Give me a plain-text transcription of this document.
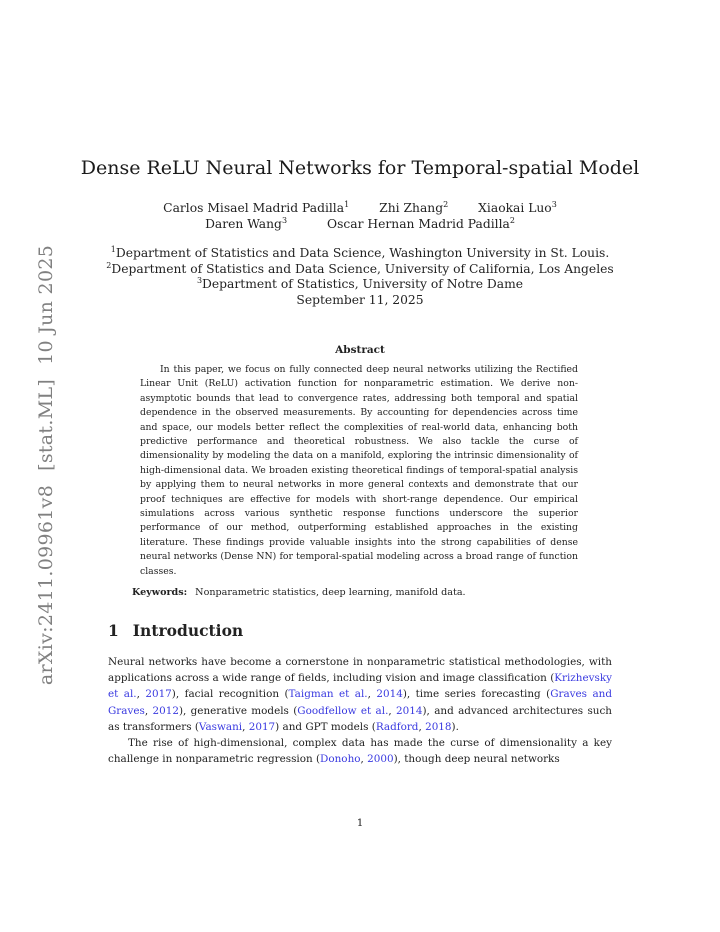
arXiv:2411.09961v8[stat.ML]10 Jun 2025
Dense ReLU Neural Networks for Temporal-spatial Model
Carlos Misael Madrid Padilla$^1$ Zhi Zhang$^2$ Xiaokai Luo$^3$
Daren Wang$^3$	Oscar Hernan Madrid Padilla$^2$
$^1$Department of Statistics and Data Science, Washington University in St. Louis.
$^2$Department of Statistics and Data Science, University of California, Los Angeles
$^3$Department of Statistics, University of Notre Dame
September 11, 2025
Abstract
In this paper, we focus on fully connected deep neural networks utilizing the Rectified Linear Unit (ReLU) activation function for nonparametric estimation. We derive non-asymptotic bounds that lead to convergence rates, addressing both temporal and spatial dependence in the observed measurements. By accounting for dependencies across time and space, our models better reflect the complexities of real-world data, enhancing both predictive performance and theoretical robustness. We also tackle the curse of dimensionality by modeling the data on a manifold, exploring the intrinsic dimensionality of high-dimensional data. We broaden existing theoretical findings of temporal-spatial analysis by applying them to neural networks in more general contexts and demonstrate that our proof techniques are effective for models with short-range dependence. Our empirical simulations across various synthetic response functions underscore the superior performance of our method, outperforming established approaches in the existing literature. These findings provide valuable insights into the strong capabilities of dense neural networks (Dense NN) for temporal-spatial modeling across a broad range of function classes.
Keywords: Nonparametric statistics, deep learning, manifold data.
1 Introduction

Neural networks have become a cornerstone in nonparametric statistical methodologies, with applications across a wide range of fields, including vision and image classification (Krizhevsky et al., 2017), facial recognition (Taigman et al., 2014), time series forecasting (Graves and Graves, 2012), generative models (Goodfellow et al., 2014), and advanced architectures such as transformers (Vaswani, 2017) and GPT models (Radford, 2018).

The rise of high-dimensional, complex data has made the curse of dimensionality a key challenge in nonparametric regression (Donoho, 2000), though deep neural networks

1
